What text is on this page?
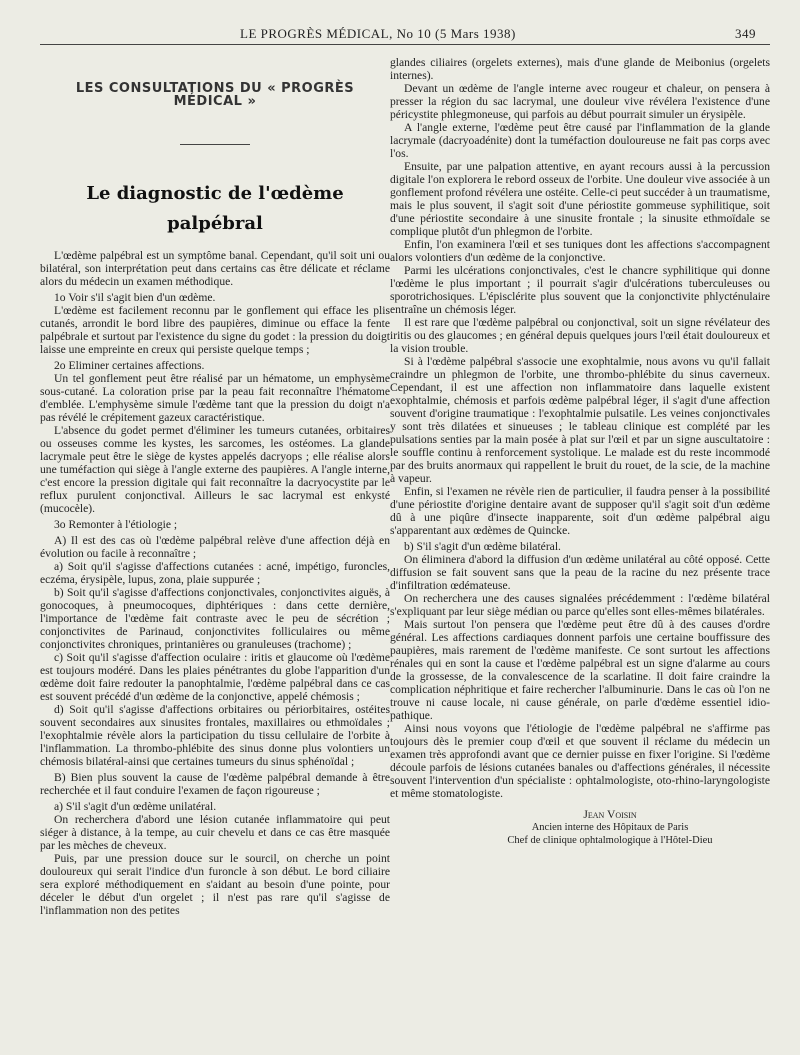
LE PROGRÈS MÉDICAL, No 10 (5 Mars 1938)	349
LES CONSULTATIONS DU « PROGRÈS MÉDICAL »
Le diagnostic de l'œdème
palpébral

L'œdème palpébral est un symptôme banal. Cependant, qu'il soit uni ou bilatéral, son interprétation peut dans certains cas être délicate et réclame alors du médecin un examen méthodique.

1o Voir s'il s'agit bien d'un œdème.

L'œdème est facilement reconnu par le gonflement qui efface les plis cutanés, arrondit le bord libre des paupières, diminue ou efface la fente palpébrale et surtout par l'existence du signe du godet : la pression du doigt laisse une empreinte en creux qui persiste quelque temps ;

2o Eliminer certaines affections.

Un tel gonflement peut être réalisé par un hématome, un emphysème sous-cutané. La coloration prise par la peau fait reconnaître l'hématome d'emblée. L'emphysème simule l'œdème tant que la pression du doigt n'a pas révélé le crépitement gazeux caractéristique.

L'absence du godet permet d'éliminer les tumeurs cutanées, orbitaires ou osseuses comme les kystes, les sarcomes, les ostéomes. La glande lacrymale peut être le siège de kystes appelés dacryops ; elle réalise alors une tuméfaction qui siège à l'angle externe des paupières. A l'angle interne, c'est encore la pression digitale qui fait reconnaître la dacryocystite par le reflux purulent conjonctival. Ailleurs le sac lacrymal est enkysté (mucocèle).

3o Remonter à l'étiologie ;

A) Il est des cas où l'œdème palpébral relève d'une affection déjà en évolution ou facile à reconnaître ;

a) Soit qu'il s'agisse d'affections cutanées : acné, impétigo, furoncles, eczéma, érysipèle, lupus, zona, plaie suppurée ;

b) Soit qu'il s'agisse d'affections conjonctivales, conjonctivites aiguës, à gonocoques, à pneumocoques, diphtériques : dans cette dernière, l'importance de l'œdème fait contraste avec le peu de sécrétion ; conjonctivites de Parinaud, conjonctivites folliculaires ou même conjonctivites chroniques, printanières ou granuleuses (trachome) ;

c) Soit qu'il s'agisse d'affection oculaire : iritis et glaucome où l'œdème est toujours modéré. Dans les plaies pénétrantes du globe l'apparition d'un œdème doit faire redouter la panophtalmie, l'œdème palpébral dans ce cas est souvent précédé d'un œdème de la conjonctive, appelé chémosis ;

d) Soit qu'il s'agisse d'affections orbitaires ou périorbitaires, ostéites souvent secondaires aux sinusites frontales, maxillaires ou ethmoïdales ; l'exophtalmie révèle alors la participation du tissu cellulaire de l'orbite à l'inflammation. La thrombo-phlébite des sinus donne plus volontiers un chémosis bilatéral-ainsi que certaines tumeurs du sinus sphénoïdal ;

B) Bien plus souvent la cause de l'œdème palpébral demande à être recherchée et il faut conduire l'examen de façon rigoureuse ;

a) S'il s'agit d'un œdème unilatéral.

On recherchera d'abord une lésion cutanée inflammatoire qui peut siéger à distance, à la tempe, au cuir chevelu et dans ce cas être masquée par les mèches de cheveux.

Puis, par une pression douce sur le sourcil, on cherche un point douloureux qui serait l'indice d'un furoncle à son début. Le bord ciliaire sera exploré méthodiquement en s'aidant au besoin d'une pointe, pour déceler le début d'un orgelet ; il n'est pas rare qu'il s'agisse de l'inflammation non des petites

glandes ciliaires (orgelets externes), mais d'une glande de Meibonius (orgelets internes).

Devant un œdème de l'angle interne avec rougeur et chaleur, on pensera à presser la région du sac lacrymal, une douleur vive révélera l'existence d'une péricystite phlegmoneuse, qui parfois au début pourrait simuler un érysipèle.

A l'angle externe, l'œdème peut être causé par l'inflammation de la glande lacrymale (dacryoadénite) dont la tuméfaction douloureuse ne fait pas corps avec l'os.

Ensuite, par une palpation attentive, en ayant recours aussi à la percussion digitale l'on explorera le rebord osseux de l'orbite. Une douleur vive associée à un gonflement profond révélera une ostéite. Celle-ci peut succéder à un traumatisme, mais le plus souvent, il s'agit soit d'une périostite gommeuse syphilitique, soit d'une périostite secondaire à une sinusite frontale ; la sinusite ethmoïdale se complique plutôt d'un phlegmon de l'orbite.

Enfin, l'on examinera l'œil et ses tuniques dont les affections s'accompagnent alors volontiers d'un œdème de la conjonctive.

Parmi les ulcérations conjonctivales, c'est le chancre syphilitique qui donne l'œdème le plus important ; il pourrait s'agir d'ulcérations tuberculeuses ou sporotrichosiques. L'épisclérite plus souvent que la conjonctivite phlycténulaire entraîne un chémosis léger.

Il est rare que l'œdème palpébral ou conjonctival, soit un signe révélateur des iritis ou des glaucomes ; en général depuis quelques jours l'œil était douloureux et la vision trouble.

Si à l'œdème palpébral s'associe une exophtalmie, nous avons vu qu'il fallait craindre un phlegmon de l'orbite, une thrombo-phlébite du sinus caverneux. Cependant, il est une affection non inflammatoire dans laquelle existent exophtalmie, chémosis et parfois œdème palpébral léger, il s'agit d'une affection souvent d'origine traumatique : l'exophtalmie pulsatile. Les veines conjonctivales y sont très dilatées et sinueuses ; le tableau clinique est complété par les pulsations senties par la main posée à plat sur l'œil et par un signe auscultatoire : le souffle continu à renforcement systolique. Le malade est du reste incommodé par des bruits anormaux qui rappellent le bruit du rouet, de la scie, de la machine à vapeur.

Enfin, si l'examen ne révèle rien de particulier, il faudra penser à la possibilité d'une périostite d'origine dentaire avant de supposer qu'il s'agit soit d'un œdème dû à une piqûre d'insecte inapparente, soit d'un œdème palpébral aigu s'apparentant aux œdèmes de Quincke.

b) S'il s'agit d'un œdème bilatéral.

On éliminera d'abord la diffusion d'un œdème unilatéral au côté opposé. Cette diffusion se fait souvent sans que la peau de la racine du nez présente trace d'infiltration œdémateuse.

On recherchera une des causes signalées précédemment : l'œdème bilatéral s'expliquant par leur siège médian ou parce qu'elles sont elles-mêmes bilatérales.

Mais surtout l'on pensera que l'œdème peut être dû à des causes d'ordre général. Les affections cardiaques donnent parfois une certaine bouffissure des paupières, mais rarement de l'œdème manifeste. Ce sont surtout les affections rénales qui en sont la cause et l'œdème palpébral est un signe d'alarme au cours de la grossesse, de la convalescence de la scarlatine. Il doit faire craindre la complication néphritique et faire rechercher l'albuminurie. Dans le cas où l'on ne trouve ni cause locale, ni cause générale, on parle d'œdème essentiel idio-pathique.

Ainsi nous voyons que l'étiologie de l'œdème palpébral ne s'affirme pas toujours dès le premier coup d'œil et que souvent il réclame du médecin un examen très approfondi avant que ce dernier puisse en fixer l'origine. Si l'œdème découle parfois de lésions cutanées banales ou d'affections générales, il nécessite souvent l'intervention d'un spécialiste : ophtalmologiste, oto-rhino-laryngologiste et même stomatologiste.

Jean Voisin
Ancien interne des Hôpitaux de Paris
Chef de clinique ophtalmologique à l'Hôtel-Dieu
